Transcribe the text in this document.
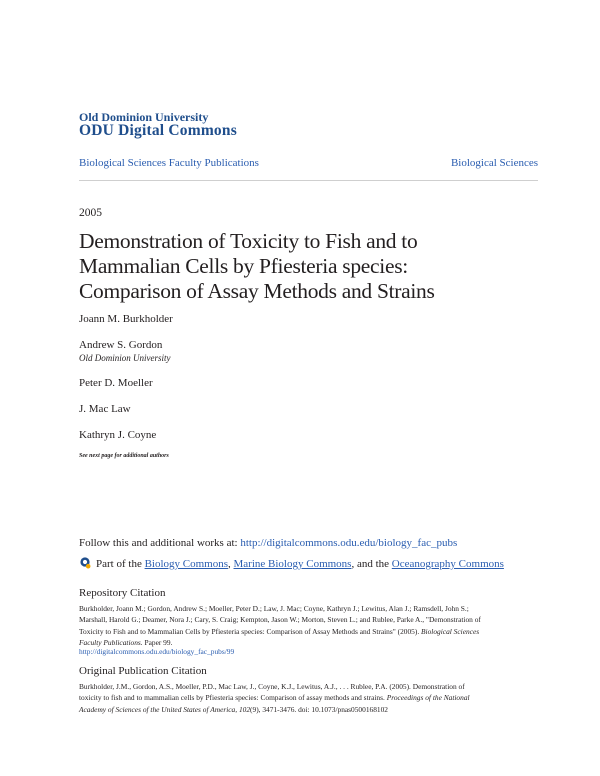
Old Dominion University
ODU Digital Commons
Biological Sciences Faculty Publications	Biological Sciences
2005
Demonstration of Toxicity to Fish and to
Mammalian Cells by Pfiesteria species:
Comparison of Assay Methods and Strains
Joann M. Burkholder
Andrew S. Gordon
Old Dominion University
Peter D. Moeller
J. Mac Law
Kathryn J. Coyne
See next page for additional authors
Follow this and additional works at: http://digitalcommons.odu.edu/biology_fac_pubs
Part of the Biology Commons, Marine Biology Commons, and the Oceanography Commons
Repository Citation
Burkholder, Joann M.; Gordon, Andrew S.; Moeller, Peter D.; Law, J. Mac; Coyne, Kathryn J.; Lewitus, Alan J.; Ramsdell, John S.;
Marshall, Harold G.; Deamer, Nora J.; Cary, S. Craig; Kempton, Jason W.; Morton, Steven L.; and Rublee, Parke A., "Demonstration of
Toxicity to Fish and to Mammalian Cells by Pfiesteria species: Comparison of Assay Methods and Strains" (2005). Biological Sciences
Faculty Publications. Paper 99.
http://digitalcommons.odu.edu/biology_fac_pubs/99
Original Publication Citation
Burkholder, J.M., Gordon, A.S., Moeller, P.D., Mac Law, J., Coyne, K.J., Lewitus, A.J., . . . Rublee, P.A. (2005). Demonstration of
toxicity to fish and to mammalian cells by Pfiesteria species: Comparison of assay methods and strains. Proceedings of the National
Academy of Sciences of the United States of America, 102(9), 3471-3476. doi: 10.1073/pnas0500168102
